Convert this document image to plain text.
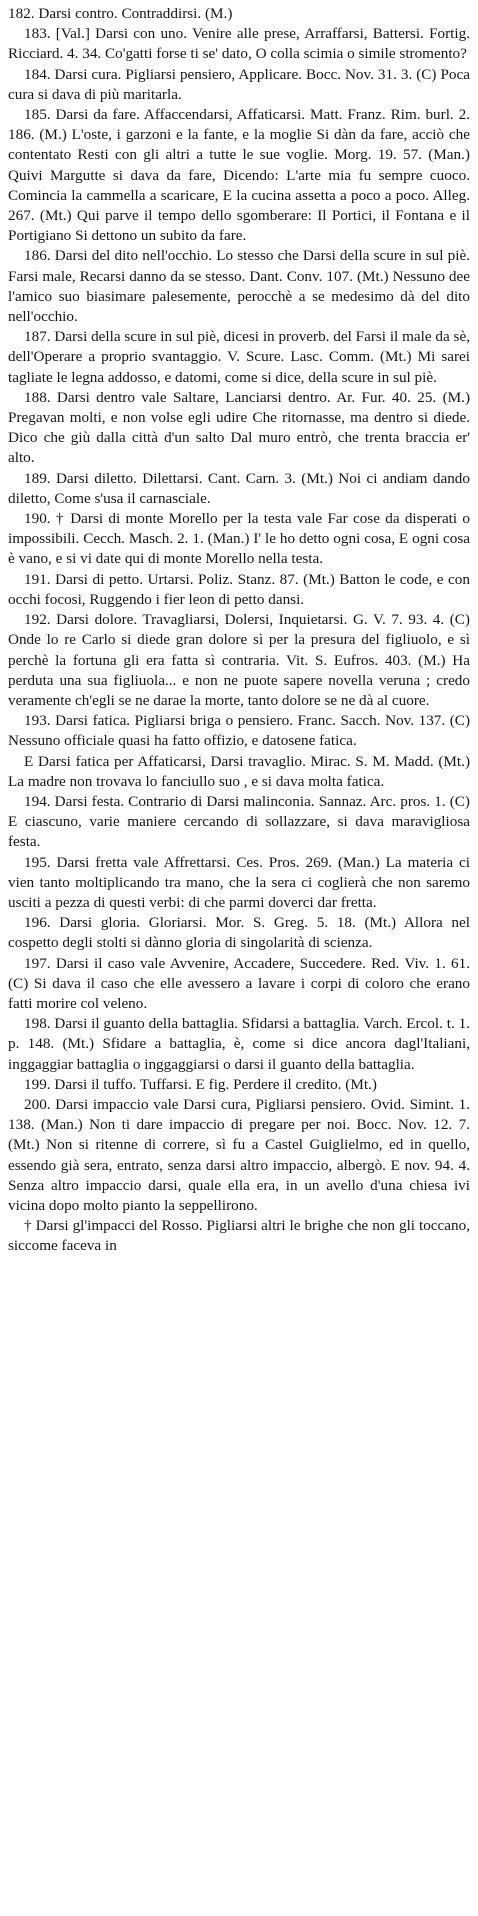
182. Darsi contro. Contraddirsi. (M.)

183. [Val.] Darsi con uno. Venire alle prese, Arraffarsi, Battersi. Fortig. Ricciard. 4. 34. Co'gatti forse ti se' dato, O colla scimia o simile stromento?

184. Darsi cura. Pigliarsi pensiero, Applicare. Bocc. Nov. 31. 3. (C) Poca cura si dava di più maritarla.

185. Darsi da fare. Affaccendarsi, Affaticarsi. Matt. Franz. Rim. burl. 2. 186. (M.) L'oste, i garzoni e la fante, e la moglie Si dàn da fare, acciò che contentato Resti con gli altri a tutte le sue voglie. Morg. 19. 57. (Man.) Quivi Margutte si dava da fare, Dicendo: L'arte mia fu sempre cuoco. Comincia la cammella a scaricare, E la cucina assetta a poco a poco. Alleg. 267. (Mt.) Qui parve il tempo dello sgomberare: Il Portici, il Fontana e il Portigiano Si dettono un subito da fare.

186. Darsi del dito nell'occhio. Lo stesso che Darsi della scure in sul piè. Farsi male, Recarsi danno da se stesso. Dant. Conv. 107. (Mt.) Nessuno dee l'amico suo biasimare palesemente, perocchè a se medesimo dà del dito nell'occhio.

187. Darsi della scure in sul piè, dicesi in proverb. del Farsi il male da sè, dell'Operare a proprio svantaggio. V. Scure. Lasc. Comm. (Mt.) Mi sarei tagliate le legna addosso, e datomi, come si dice, della scure in sul piè.

188. Darsi dentro vale Saltare, Lanciarsi dentro. Ar. Fur. 40. 25. (M.) Pregavan molti, e non volse egli udire Che ritornasse, ma dentro si diede. Dico che giù dalla città d'un salto Dal muro entrò, che trenta braccia er' alto.

189. Darsi diletto. Dilettarsi. Cant. Carn. 3. (Mt.) Noi ci andiam dando diletto, Come s'usa il carnasciale.

190. † Darsi di monte Morello per la testa vale Far cose da disperati o impossibili. Cecch. Masch. 2. 1. (Man.) I' le ho detto ogni cosa, E ogni cosa è vano, e si vi date qui di monte Morello nella testa.

191. Darsi di petto. Urtarsi. Poliz. Stanz. 87. (Mt.) Batton le code, e con occhi focosi, Ruggendo i fier leon di petto dansi.

192. Darsi dolore. Travagliarsi, Dolersi, Inquietarsi. G. V. 7. 93. 4. (C) Onde lo re Carlo si diede gran dolore sì per la presura del figliuolo, e sì perchè la fortuna gli era fatta sì contraria. Vit. S. Eufros. 403. (M.) Ha perduta una sua figliuola... e non ne puote sapere novella veruna ; credo veramente ch'egli se ne darae la morte, tanto dolore se ne dà al cuore.

193. Darsi fatica. Pigliarsi briga o pensiero. Franc. Sacch. Nov. 137. (C) Nessuno officiale quasi ha fatto offizio, e datosene fatica.

E Darsi fatica per Affaticarsi, Darsi travaglio. Mirac. S. M. Madd. (Mt.) La madre non trovava lo fanciullo suo , e si dava molta fatica.

194. Darsi festa. Contrario di Darsi malinconia. Sannaz. Arc. pros. 1. (C) E ciascuno, varie maniere cercando di sollazzare, si dava maravigliosa festa.

195. Darsi fretta vale Affrettarsi. Ces. Pros. 269. (Man.) La materia ci vien tanto moltiplicando tra mano, che la sera ci coglierà che non saremo usciti a pezza di questi verbi: di che parmi doverci dar fretta.

196. Darsi gloria. Gloriarsi. Mor. S. Greg. 5. 18. (Mt.) Allora nel cospetto degli stolti si dànno gloria di singolarità di scienza.

197. Darsi il caso vale Avvenire, Accadere, Succedere. Red. Viv. 1. 61. (C) Si dava il caso che elle avessero a lavare i corpi di coloro che erano fatti morire col veleno.

198. Darsi il guanto della battaglia. Sfidarsi a battaglia. Varch. Ercol. t. 1. p. 148. (Mt.) Sfidare a battaglia, è, come si dice ancora dagl'Italiani, inggaggiar battaglia o inggaggiarsi o darsi il guanto della battaglia.

199. Darsi il tuffo. Tuffarsi. E fig. Perdere il credito. (Mt.)

200. Darsi impaccio vale Darsi cura, Pigliarsi pensiero. Ovid. Simint. 1. 138. (Man.) Non ti dare impaccio di pregare per noi. Bocc. Nov. 12. 7. (Mt.) Non si ritenne di correre, sì fu a Castel Guiglielmo, ed in quello, essendo già sera, entrato, senza darsi altro impaccio, albergò. E nov. 94. 4. Senza altro impaccio darsi, quale ella era, in un avello d'una chiesa ivi vicina dopo molto pianto la seppellirono.

† Darsi gl'impacci del Rosso. Pigliarsi altri le brighe che non gli toccano, siccome faceva in
